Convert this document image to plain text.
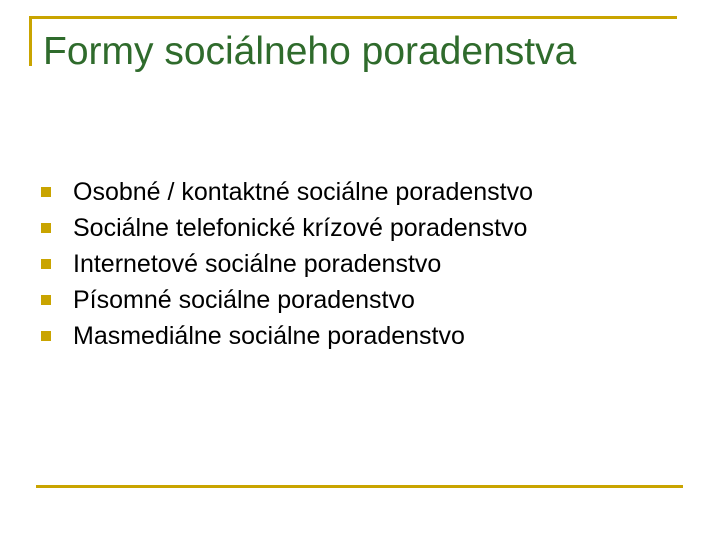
Formy sociálneho poradenstva
Osobné / kontaktné sociálne poradenstvo
Sociálne telefonické krízové poradenstvo
Internetové sociálne poradenstvo
Písomné sociálne poradenstvo
Masmediálne sociálne poradenstvo
